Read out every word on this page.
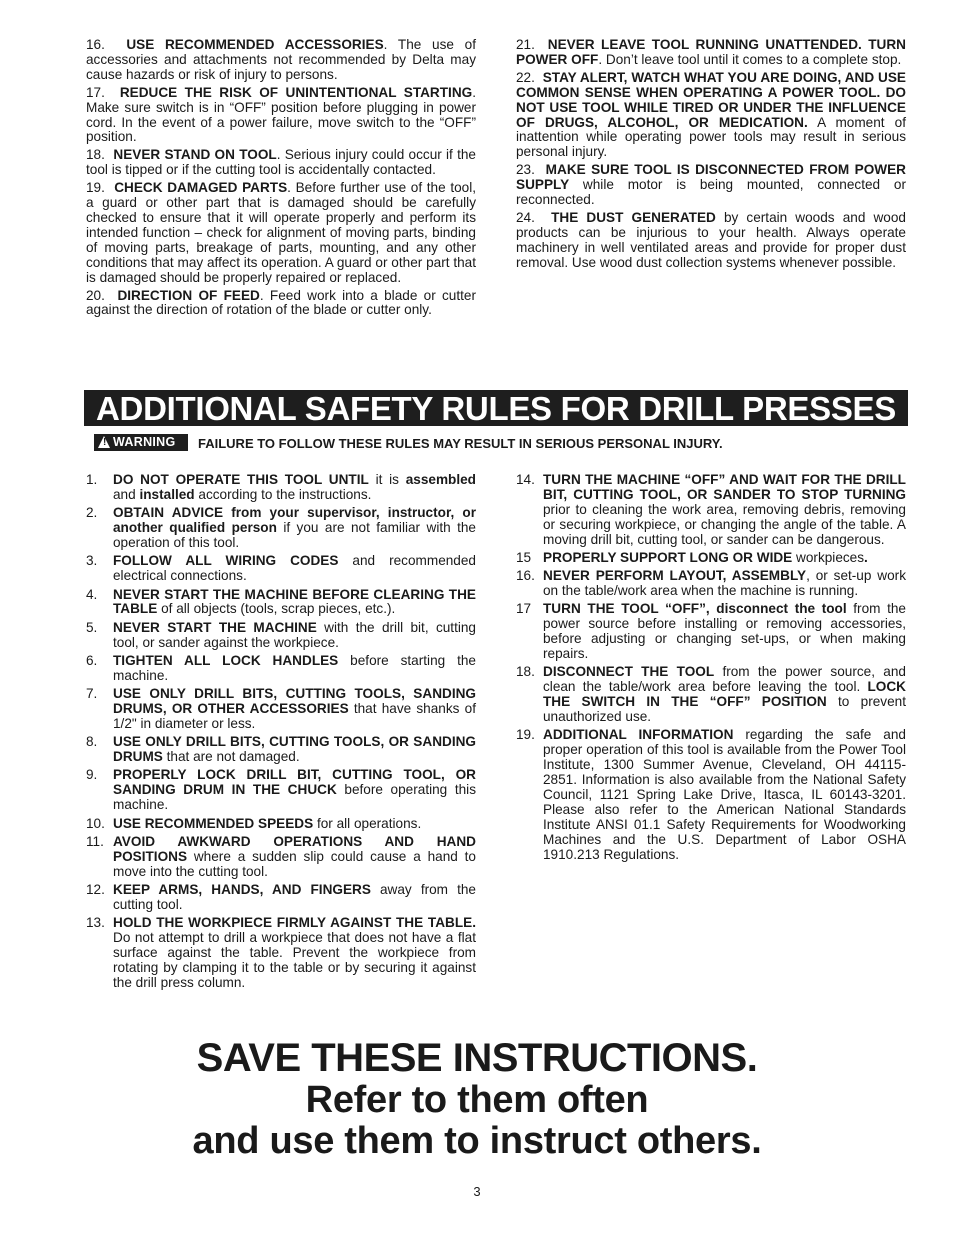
16. USE RECOMMENDED ACCESSORIES. The use of accessories and attachments not recommended by Delta may cause hazards or risk of injury to persons.
17. REDUCE THE RISK OF UNINTENTIONAL STARTING. Make sure switch is in “OFF” position before plugging in power cord. In the event of a power failure, move switch to the “OFF” position.
18. NEVER STAND ON TOOL. Serious injury could occur if the tool is tipped or if the cutting tool is accidentally contacted.
19. CHECK DAMAGED PARTS. Before further use of the tool, a guard or other part that is damaged should be carefully checked to ensure that it will operate properly and perform its intended function – check for alignment of moving parts, binding of moving parts, breakage of parts, mounting, and any other conditions that may affect its operation. A guard or other part that is damaged should be properly repaired or replaced.
20. DIRECTION OF FEED. Feed work into a blade or cutter against the direction of rotation of the blade or cutter only.
21. NEVER LEAVE TOOL RUNNING UNATTENDED. TURN POWER OFF. Don’t leave tool until it comes to a complete stop.
22. STAY ALERT, WATCH WHAT YOU ARE DOING, AND USE COMMON SENSE WHEN OPERATING A POWER TOOL. DO NOT USE TOOL WHILE TIRED OR UNDER THE INFLUENCE OF DRUGS, ALCOHOL, OR MEDICATION. A moment of inattention while operating power tools may result in serious personal injury.
23. MAKE SURE TOOL IS DISCONNECTED FROM POWER SUPPLY while motor is being mounted, connected or reconnected.
24. THE DUST GENERATED by certain woods and wood products can be injurious to your health. Always operate machinery in well ventilated areas and provide for proper dust removal. Use wood dust collection systems whenever possible.
ADDITIONAL SAFETY RULES FOR DRILL PRESSES
! WARNING FAILURE TO FOLLOW THESE RULES MAY RESULT IN SERIOUS PERSONAL INJURY.
1. DO NOT OPERATE THIS TOOL UNTIL it is assembled and installed according to the instructions.
2. OBTAIN ADVICE from your supervisor, instructor, or another qualified person if you are not familiar with the operation of this tool.
3. FOLLOW ALL WIRING CODES and recommended electrical connections.
4. NEVER START THE MACHINE BEFORE CLEARING THE TABLE of all objects (tools, scrap pieces, etc.).
5. NEVER START THE MACHINE with the drill bit, cutting tool, or sander against the workpiece.
6. TIGHTEN ALL LOCK HANDLES before starting the machine.
7. USE ONLY DRILL BITS, CUTTING TOOLS, SANDING DRUMS, OR OTHER ACCESSORIES that have shanks of 1/2" in diameter or less.
8. USE ONLY DRILL BITS, CUTTING TOOLS, OR SANDING DRUMS that are not damaged.
9. PROPERLY LOCK DRILL BIT, CUTTING TOOL, OR SANDING DRUM IN THE CHUCK before operating this machine.
10. USE RECOMMENDED SPEEDS for all operations.
11. AVOID AWKWARD OPERATIONS AND HAND POSITIONS where a sudden slip could cause a hand to move into the cutting tool.
12. KEEP ARMS, HANDS, AND FINGERS away from the cutting tool.
13. HOLD THE WORKPIECE FIRMLY AGAINST THE TABLE. Do not attempt to drill a workpiece that does not have a flat surface against the table. Prevent the workpiece from rotating by clamping it to the table or by securing it against the drill press column.
14. TURN THE MACHINE “OFF” AND WAIT FOR THE DRILL BIT, CUTTING TOOL, OR SANDER TO STOP TURNING prior to cleaning the work area, removing debris, removing or securing workpiece, or changing the angle of the table. A moving drill bit, cutting tool, or sander can be dangerous.
15 PROPERLY SUPPORT LONG OR WIDE workpieces.
16. NEVER PERFORM LAYOUT, ASSEMBLY, or set-up work on the table/work area when the machine is running.
17 TURN THE TOOL “OFF”, disconnect the tool from the power source before installing or removing accessories, before adjusting or changing set-ups, or when making repairs.
18. DISCONNECT THE TOOL from the power source, and clean the table/work area before leaving the tool. LOCK THE SWITCH IN THE “OFF” POSITION to prevent unauthorized use.
19. ADDITIONAL INFORMATION regarding the safe and proper operation of this tool is available from the Power Tool Institute, 1300 Summer Avenue, Cleveland, OH 44115-2851. Information is also available from the National Safety Council, 1121 Spring Lake Drive, Itasca, IL 60143-3201. Please also refer to the American National Standards Institute ANSI 01.1 Safety Requirements for Woodworking Machines and the U.S. Department of Labor OSHA 1910.213 Regulations.
SAVE THESE INSTRUCTIONS.
Refer to them often
and use them to instruct others.
3
